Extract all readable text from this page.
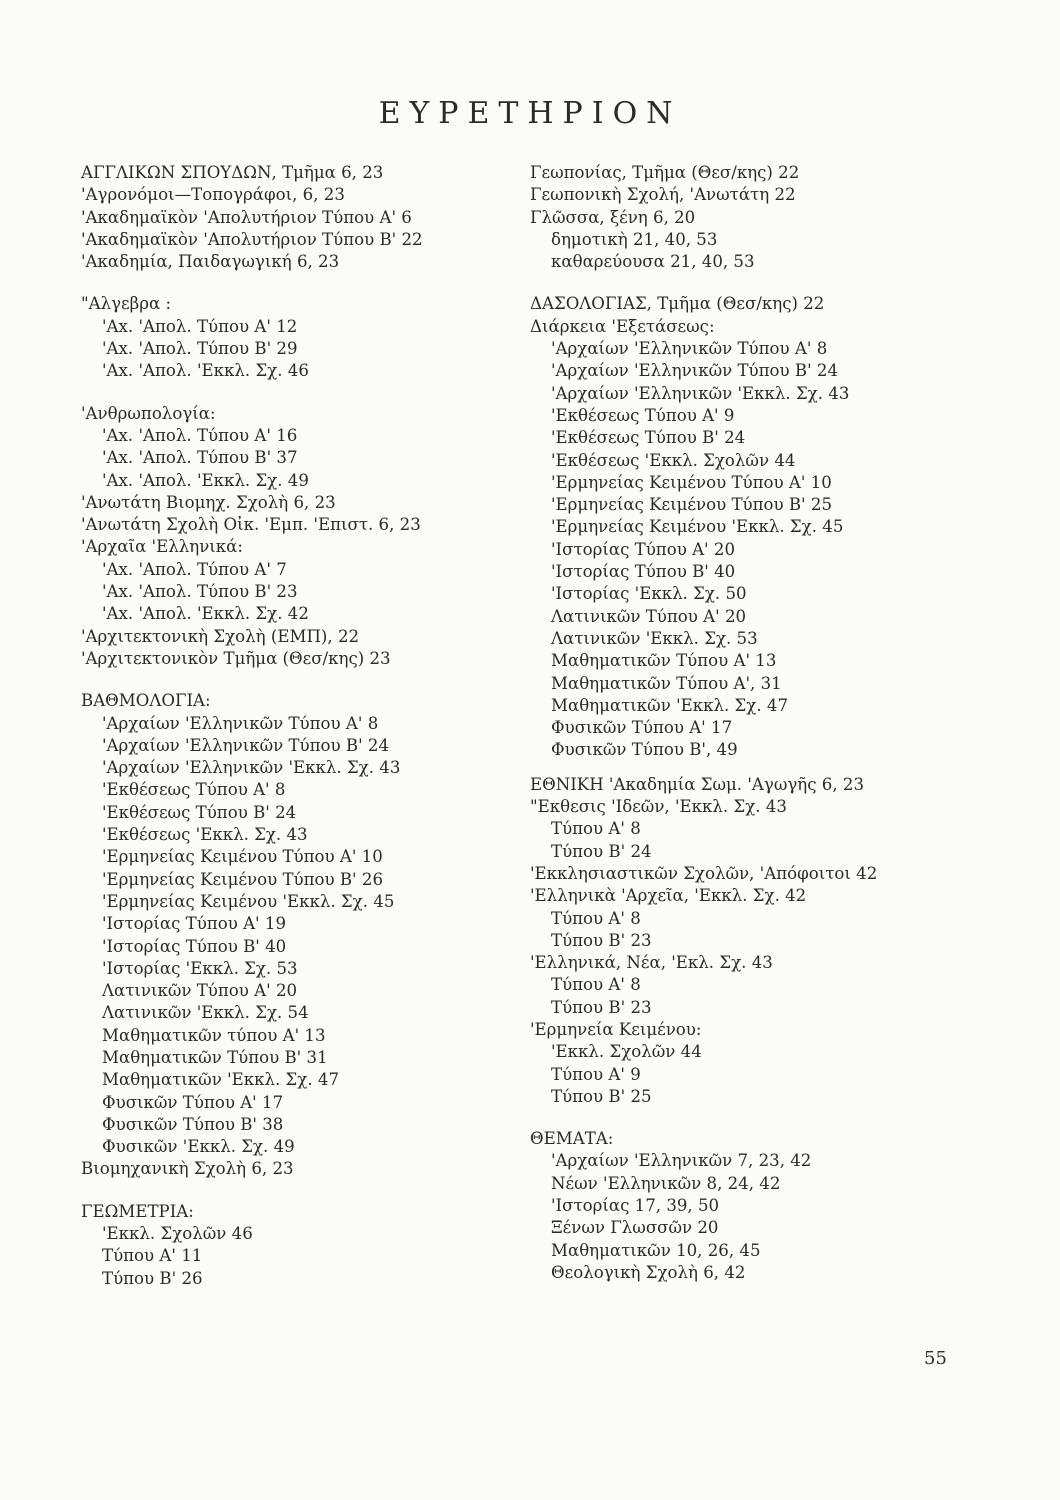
ΕΥΡΕΤΗΡΙΟΝ
ΑΓΓΛΙΚΩΝ ΣΠΟΥΔΩΝ, Τμῆμα 6, 23
'Αγρονόμοι—Τοπογράφοι, 6, 23
'Ακαδημαϊκὸν 'Απολυτήριον Τύπου Α' 6
'Ακαδημαϊκὸν 'Απολυτήριον Τύπου Β' 22
'Ακαδημία, Παιδαγωγική 6, 23
"Αλγεβρα :
'Αx. 'Απολ. Τύπου Α' 12
'Αx. 'Απολ. Τύπου Β' 29
'Αx. 'Απολ. 'Εκκλ. Σχ. 46
'Ανθρωπολογία:
'Αx. 'Απολ. Τύπου Α' 16
'Αx. 'Απολ. Τύπου Β' 37
'Αx. 'Απολ. 'Εκκλ. Σχ. 49
'Ανωτάτη Βιομηχ. Σχολὴ 6, 23
'Ανωτάτη Σχολὴ Οἰκ. 'Εμπ. 'Επιστ. 6, 23
'Αρχαῖα 'Ελληνικά:
'Αx. 'Απολ. Τύπου Α' 7
'Αx. 'Απολ. Τύπου Β' 23
'Αx. 'Απολ. 'Εκκλ. Σχ. 42
'Αρχιτεκτονικὴ Σχολὴ (ΕΜΠ), 22
'Αρχιτεκτονικὸν Τμῆμα (Θεσ/κης) 23
ΒΑΘΜΟΛΟΓΙΑ:
'Αρχαίων 'Ελληνικῶν Τύπου Α' 8
'Αρχαίων 'Ελληνικῶν Τύπου Β' 24
'Αρχαίων 'Ελληνικῶν 'Εκκλ. Σχ. 43
'Εκθέσεως Τύπου Α' 8
'Εκθέσεως Τύπου Β' 24
'Εκθέσεως 'Εκκλ. Σχ. 43
'Ερμηνείας Κειμένου Τύπου Α' 10
'Ερμηνείας Κειμένου Τύπου Β' 26
'Ερμηνείας Κειμένου 'Εκκλ. Σχ. 45
'Ιστορίας Τύπου Α' 19
'Ιστορίας Τύπου Β' 40
'Ιστορίας 'Εκκλ. Σχ. 53
Λατινικῶν Τύπου Α' 20
Λατινικῶν 'Εκκλ. Σχ. 54
Μαθηματικῶν τύπου Α' 13
Μαθηματικῶν Τύπου Β' 31
Μαθηματικῶν 'Εκκλ. Σχ. 47
Φυσικῶν Τύπου Α' 17
Φυσικῶν Τύπου Β' 38
Φυσικῶν 'Εκκλ. Σχ. 49
Βιομηχανικὴ Σχολὴ 6, 23
ΓΕΩΜΕΤΡΙΑ:
'Εκκλ. Σχολῶν 46
Τύπου Α' 11
Τύπου Β' 26
Γεωπονίας, Τμῆμα (Θεσ/κης) 22
Γεωπονικὴ Σχολή, 'Ανωτάτη 22
Γλῶσσα, ξένη 6, 20
δημοτικὴ 21, 40, 53
καθαρεύουσα 21, 40, 53
ΔΑΣΟΛΟΓΙΑΣ, Τμῆμα (Θεσ/κης) 22
Διάρκεια 'Εξετάσεως:
'Αρχαίων 'Ελληνικῶν Τύπου Α' 8
'Αρχαίων 'Ελληνικῶν Τύπου Β' 24
'Αρχαίων 'Ελληνικῶν 'Εκκλ. Σχ. 43
'Εκθέσεως Τύπου Α' 9
'Εκθέσεως Τύπου Β' 24
'Εκθέσεως 'Εκκλ. Σχολῶν 44
'Ερμηνείας Κειμένου Τύπου Α' 10
'Ερμηνείας Κειμένου Τύπου Β' 25
'Ερμηνείας Κειμένου 'Εκκλ. Σχ. 45
'Ιστορίας Τύπου Α' 20
'Ιστορίας Τύπου Β' 40
'Ιστορίας 'Εκκλ. Σχ. 50
Λατινικῶν Τύπου Α' 20
Λατινικῶν 'Εκκλ. Σχ. 53
Μαθηματικῶν Τύπου Α' 13
Μαθηματικῶν Τύπου Α', 31
Μαθηματικῶν 'Εκκλ. Σχ. 47
Φυσικῶν Τύπου Α' 17
Φυσικῶν Τύπου Β', 49
ΕΘΝΙΚΗ 'Ακαδημία Σωμ. 'Αγωγῆς 6, 23
"Εκθεσις 'Ιδεῶν, 'Εκκλ. Σχ. 43
Τύπου Α' 8
Τύπου Β' 24
'Εκκλησιαστικῶν Σχολῶν, 'Απόφοιτοι 42
'Ελληνικὰ 'Αρχεῖα, 'Εκκλ. Σχ. 42
Τύπου Α' 8
Τύπου Β' 23
'Ελληνικά, Νέα, 'Εκλ. Σχ. 43
Τύπου Α' 8
Τύπου Β' 23
'Ερμηνεία Κειμένου:
'Εκκλ. Σχολῶν 44
Τύπου Α' 9
Τύπου Β' 25
ΘΕΜΑΤΑ:
'Αρχαίων 'Ελληνικῶν 7, 23, 42
Νέων 'Ελληνικῶν 8, 24, 42
'Ιστορίας 17, 39, 50
Ξένων Γλωσσῶν 20
Μαθηματικῶν 10, 26, 45
Θεολογικὴ Σχολὴ 6, 42
55
